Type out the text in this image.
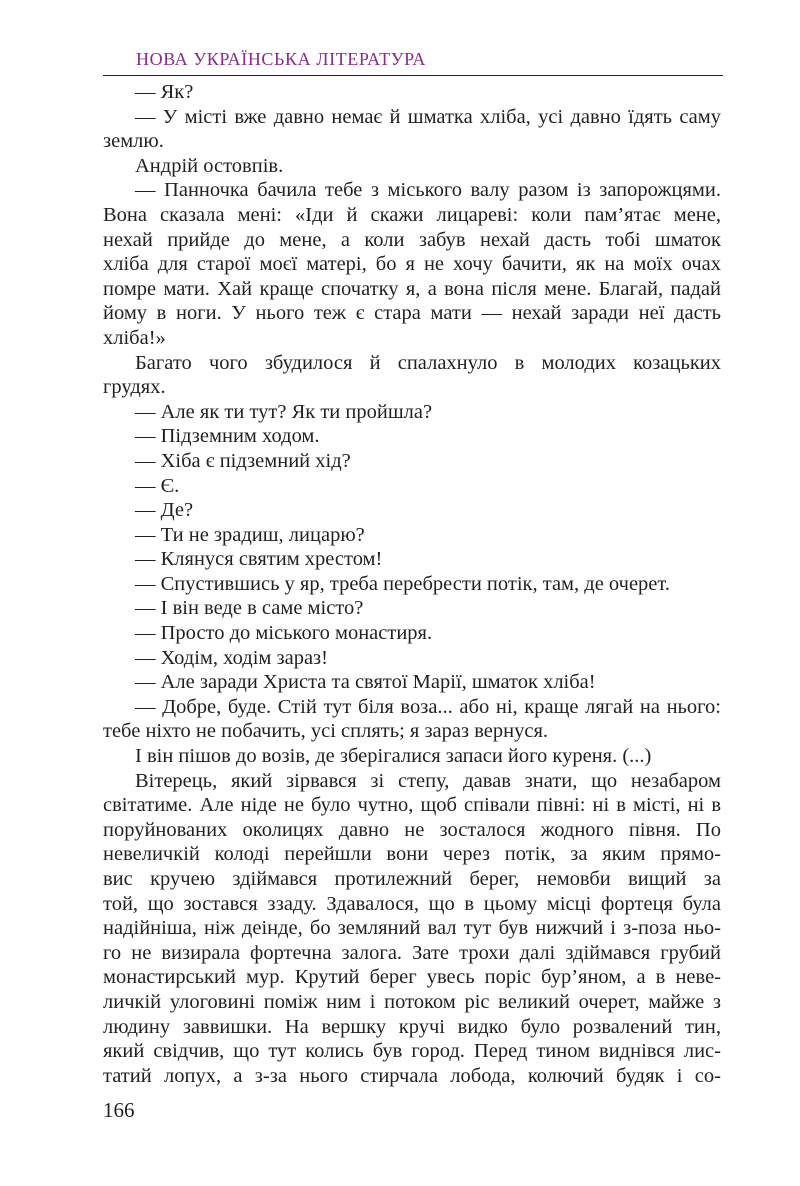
НОВА УКРАЇНСЬКА ЛІТЕРАТУРА
— Як?
— У місті вже давно немає й шматка хліба, усі давно їдять саму
землю.
Андрій остовпів.
— Панночка бачила тебе з міського валу разом із запорожцями.
Вона сказала мені: «Іди й скажи лицареві: коли пам’ятає мене,
нехай прийде до мене, а коли забув нехай дасть тобі шматок
хліба для старої моєї матері, бо я не хочу бачити, як на моїх очах
помре мати. Хай краще спочатку я, а вона після мене. Благай, падай
йому в ноги. У нього теж є стара мати — нехай заради неї дасть
хліба!»
Багато чого збудилося й спалахнуло в молодих козацьких
грудях.
— Але як ти тут? Як ти пройшла?
— Підземним ходом.
— Хіба є підземний хід?
— Є.
— Де?
— Ти не зрадиш, лицарю?
— Клянуся святим хрестом!
— Спустившись у яр, треба перебрести потік, там, де очерет.
— І він веде в саме місто?
— Просто до міського монастиря.
— Ходім, ходім зараз!
— Але заради Христа та святої Марії, шматок хліба!
— Добре, буде. Стій тут біля воза... або ні, краще лягай на нього:
тебе ніхто не побачить, усі сплять; я зараз вернуся.
І він пішов до возів, де зберігалися запаси його куреня. (...)
Вітерець, який зірвався зі степу, давав знати, що незабаром
світатиме. Але ніде не було чутно, щоб співали півні: ні в місті, ні в
поруйнованих околицях давно не зосталося жодного півня. По
невеличкій колоді перейшли вони через потік, за яким прямо-
вис кручею здіймався протилежний берег, немовби вищий за
той, що зостався ззаду. Здавалося, що в цьому місці фортеця була
надійніша, ніж деінде, бо земляний вал тут був нижчий і з-поза ньо-
го не визирала фортечна залога. Зате трохи далі здіймався грубий
монастирський мур. Крутий берег увесь поріс бур’яном, а в неве-
личкій улоговині поміж ним і потоком ріс великий очерет, майже з
людину заввишки. На вершку кручі видко було розвалений тин,
який свідчив, що тут колись був город. Перед тином виднівся лис-
татий лопух, а з-за нього стирчала лобода, колючий будяк і со-
166
